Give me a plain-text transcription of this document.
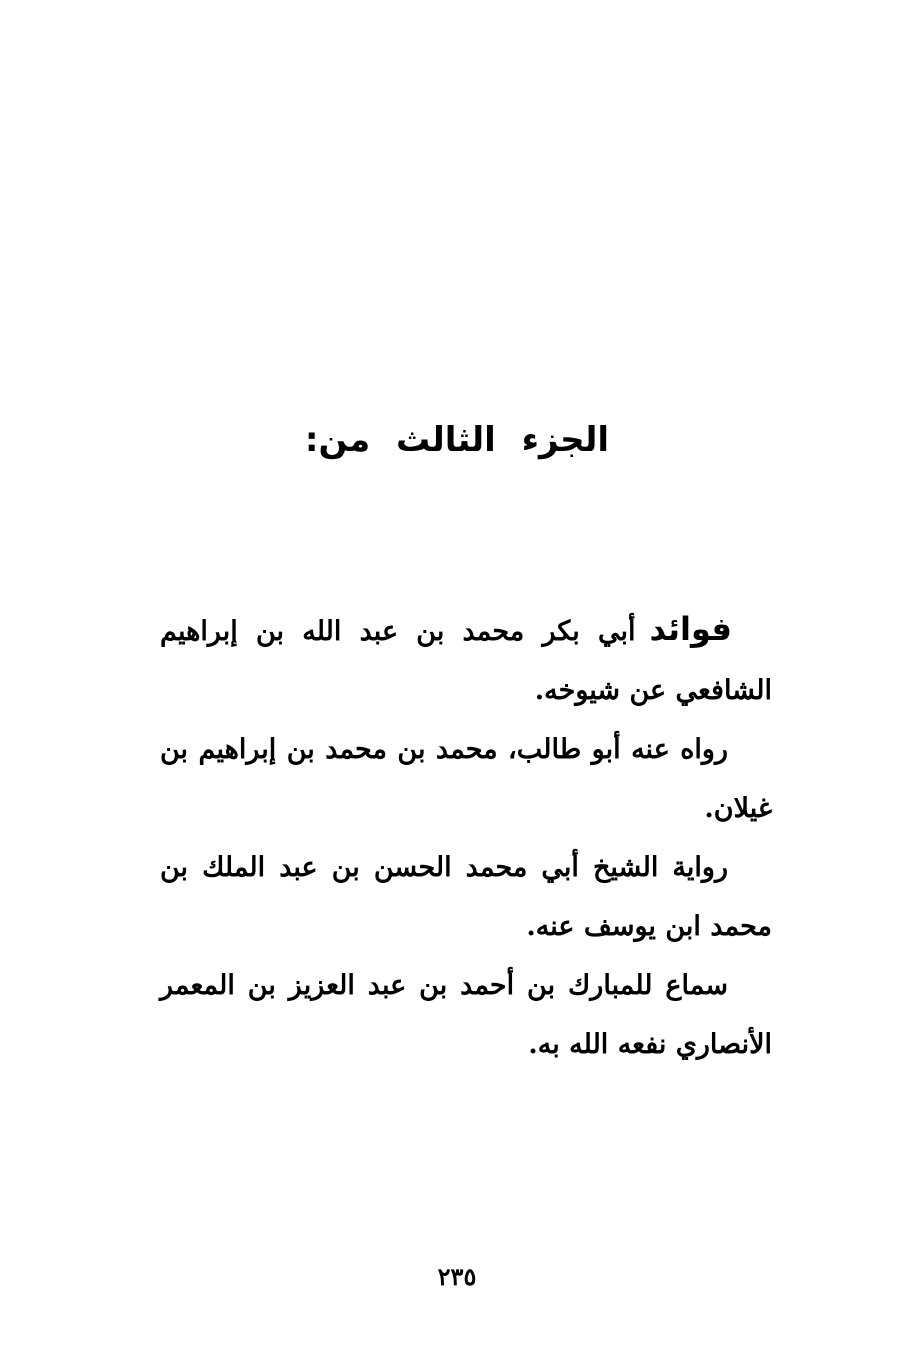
الجزء الثالث من:

فوائدأبي بكر محمد بن عبد الله بن إبراهيم الشافعي عن شيوخه.

رواه عنه أبو طالب، محمد بن محمد بن إبراهيم بن غيلان.

رواية الشيخ أبي محمد الحسن بن عبد الملك بن محمد ابن يوسف عنه.

سماع للمبارك بن أحمد بن عبد العزيز بن المعمر الأنصاري نفعه الله به.

٢٣٥
